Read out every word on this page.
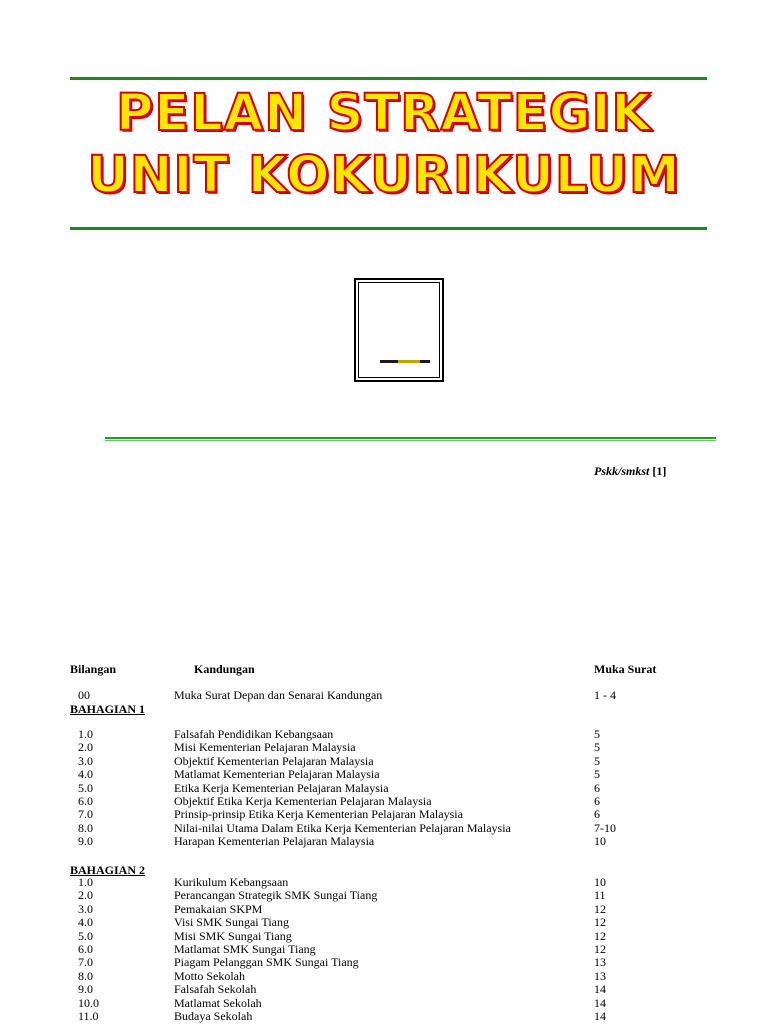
PELAN STRATEGIK
UNIT KOKURIKULUM
Pskk/smkst [1]
Bilangan	Kandungan	Muka Surat
00	Muka Surat Depan dan Senarai Kandungan	1 - 4
BAHAGIAN 1
1.0	Falsafah Pendidikan Kebangsaan	5
2.0	Misi Kementerian Pelajaran Malaysia	5
3.0	Objektif Kementerian Pelajaran Malaysia	5
4.0	Matlamat Kementerian Pelajaran Malaysia	5
5.0	Etika Kerja Kementerian Pelajaran Malaysia	6
6.0	Objektif Etika Kerja Kementerian Pelajaran Malaysia	6
7.0	Prinsip-prinsip Etika Kerja Kementerian Pelajaran Malaysia	6
8.0	Nilai-nilai Utama Dalam Etika Kerja Kementerian Pelajaran Malaysia	7-10
9.0	Harapan Kementerian Pelajaran Malaysia	10
BAHAGIAN 2
1.0	Kurikulum Kebangsaan	10
2.0	Perancangan Strategik SMK Sungai Tiang	11
3.0	Pemakaian SKPM	12
4.0	Visi SMK Sungai Tiang	12
5.0	Misi SMK Sungai Tiang	12
6.0	Matlamat SMK Sungai Tiang	12
7.0	Piagam Pelanggan SMK Sungai Tiang	13
8.0	Motto Sekolah	13
9.0	Falsafah Sekolah	14
10.0	Matlamat Sekolah	14
11.0	Budaya Sekolah	14
